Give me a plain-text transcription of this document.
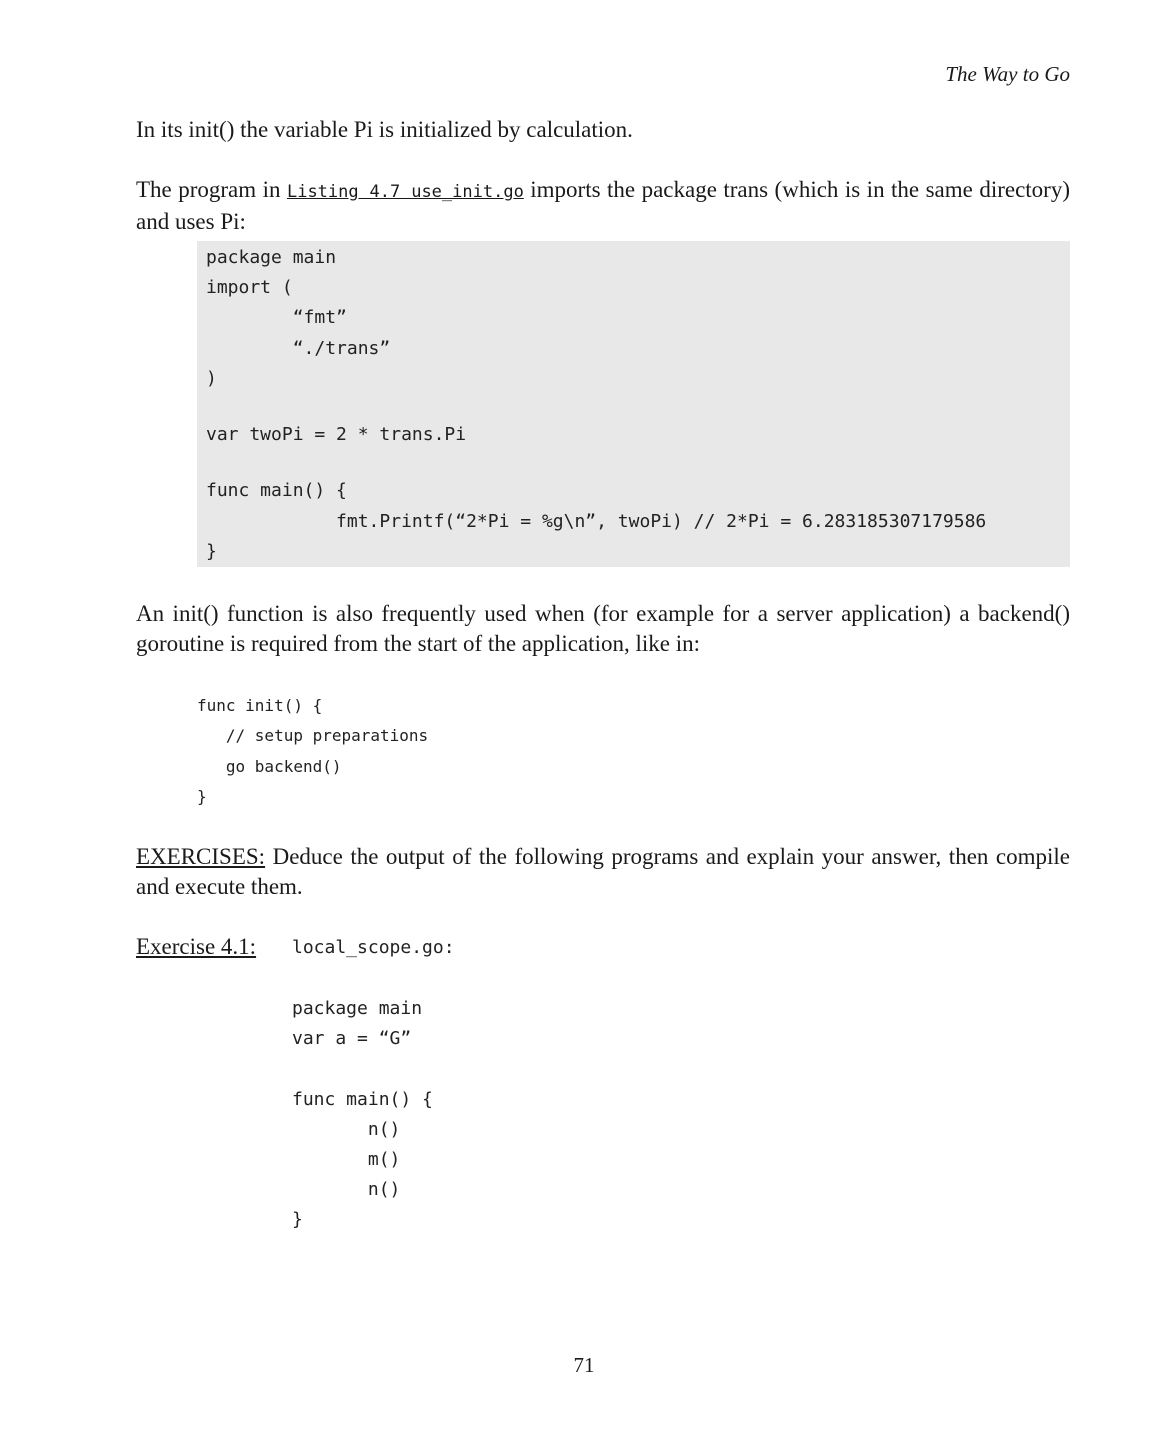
The Way to Go
In its init() the variable Pi is initialized by calculation.
The program in Listing 4.7 use_init.go imports the package trans (which is in the same directory) and uses Pi:
package main
import (
“fmt”
“./trans”
)
var twoPi = 2 * trans.Pi
func main() {
fmt.Printf(“2*Pi = %g\n”, twoPi) // 2*Pi = 6.283185307179586
}
An init() function is also frequently used when (for example for a server application) a backend() goroutine is required from the start of the application, like in:
func init() {
// setup preparations
go backend()
}
EXERCISES: Deduce the output of the following programs and explain your answer, then compile and execute them.
Exercise 4.1: local_scope.go:
package main
var a = “G”
func main() {
n()
m()
n()
}
71
